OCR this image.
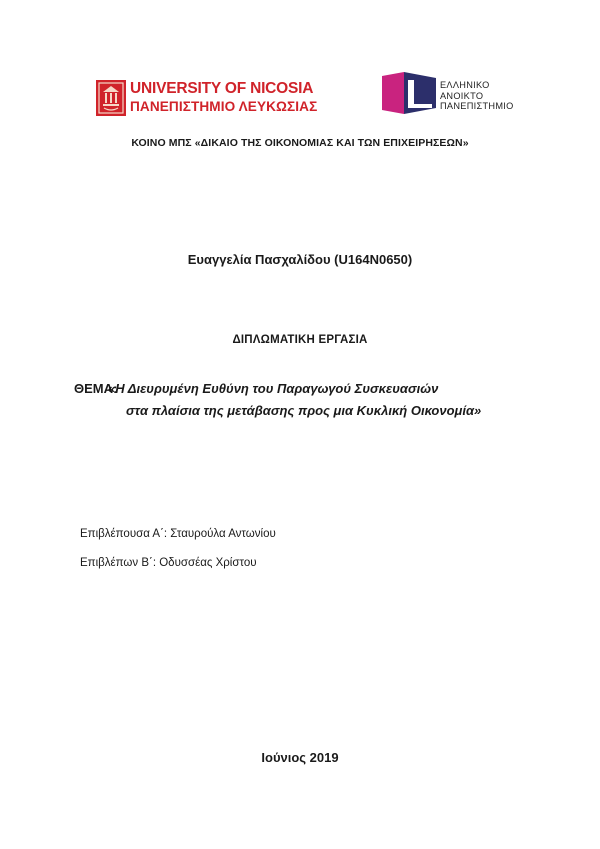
UNIVERSITY OF NICOSIA
ΠΑΝΕΠΙΣΤΗΜΙΟ ΛΕΥΚΩΣΙΑΣ
ΕΛΛΗΝΙΚΟ
ΑΝΟΙΚΤΟ
ΠΑΝΕΠΙΣΤΗΜΙΟ
ΚΟΙΝΟ ΜΠΣ «ΔΙΚΑΙΟ ΤΗΣ ΟΙΚΟΝΟΜΙΑΣ ΚΑΙ ΤΩΝ ΕΠΙΧΕΙΡΗΣΕΩΝ»
Ευαγγελία Πασχαλίδου (U164N0650)
ΔΙΠΛΩΜΑΤΙΚΗ ΕΡΓΑΣΙΑ
ΘΕΜΑ:
«Η Διευρυμένη Ευθύνη του Παραγωγού Συσκευασιών
στα πλαίσια της μετάβασης προς μια Κυκλική Οικονομία»
Επιβλέπουσα Α΄: Σταυρούλα Αντωνίου
Επιβλέπων Β΄: Οδυσσέας Χρίστου
Ιούνιος 2019
